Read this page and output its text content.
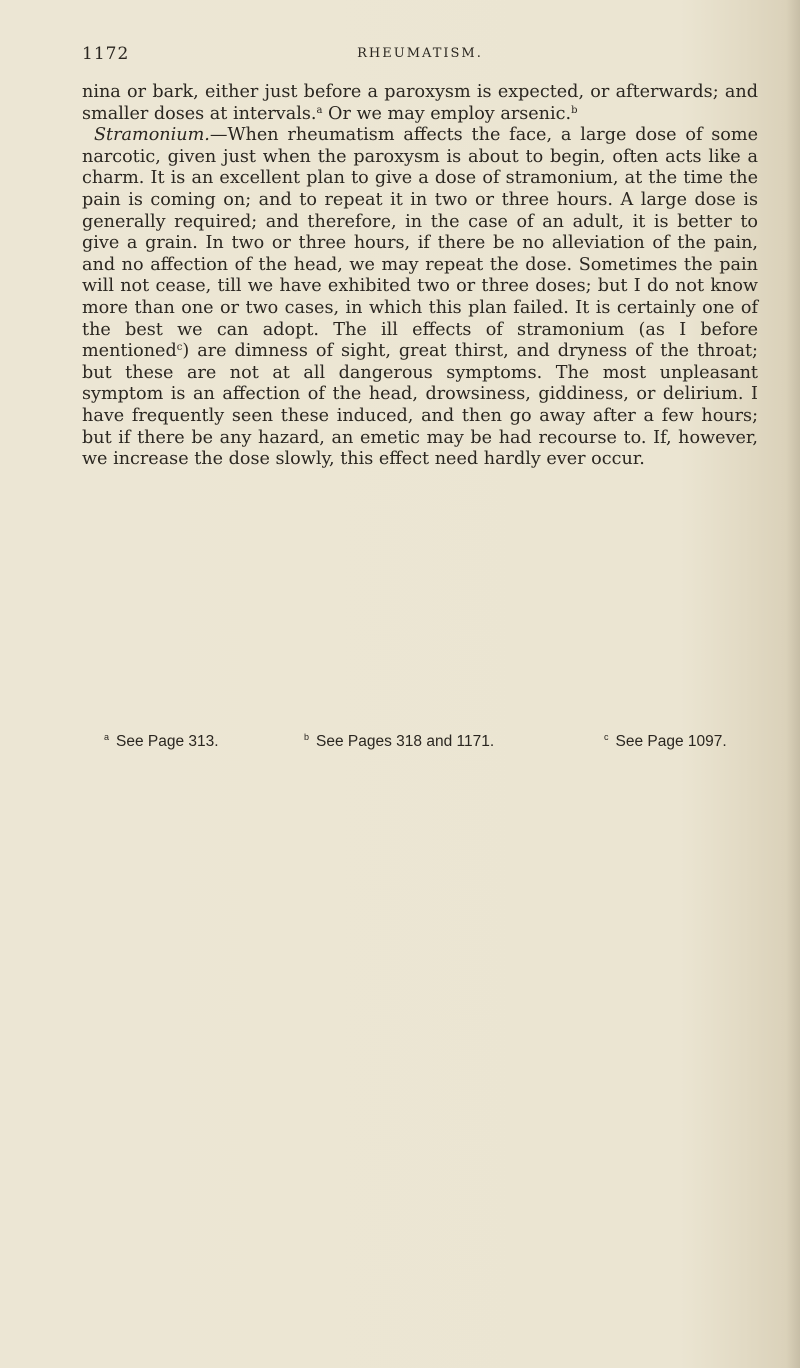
1172	RHEUMATISM.

nina or bark, either just before a paroxysm is expected, or afterwards; and smaller doses at intervals.$^a$ Or we may employ arsenic.$^b$

Stramonium.—When rheumatism affects the face, a large dose of some narcotic, given just when the paroxysm is about to begin, often acts like a charm. It is an excellent plan to give a dose of stramonium, at the time the pain is coming on; and to repeat it in two or three hours. A large dose is generally required; and therefore, in the case of an adult, it is better to give a grain. In two or three hours, if there be no alleviation of the pain, and no affection of the head, we may repeat the dose. Sometimes the pain will not cease, till we have exhibited two or three doses; but I do not know more than one or two cases, in which this plan failed. It is certainly one of the best we can adopt. The ill effects of stramonium (as I before mentioned$^c$) are dimness of sight, great thirst, and dryness of the throat; but these are not at all dangerous symptoms. The most unpleasant symptom is an affection of the head, drowsiness, giddiness, or delirium. I have frequently seen these induced, and then go away after a few hours; but if there be any hazard, an emetic may be had recourse to. If, however, we increase the dose slowly, this effect need hardly ever occur.

$^a$ See Page 313.	$^b$ See Pages 318 and 1171.	$^c$ See Page 1097.
